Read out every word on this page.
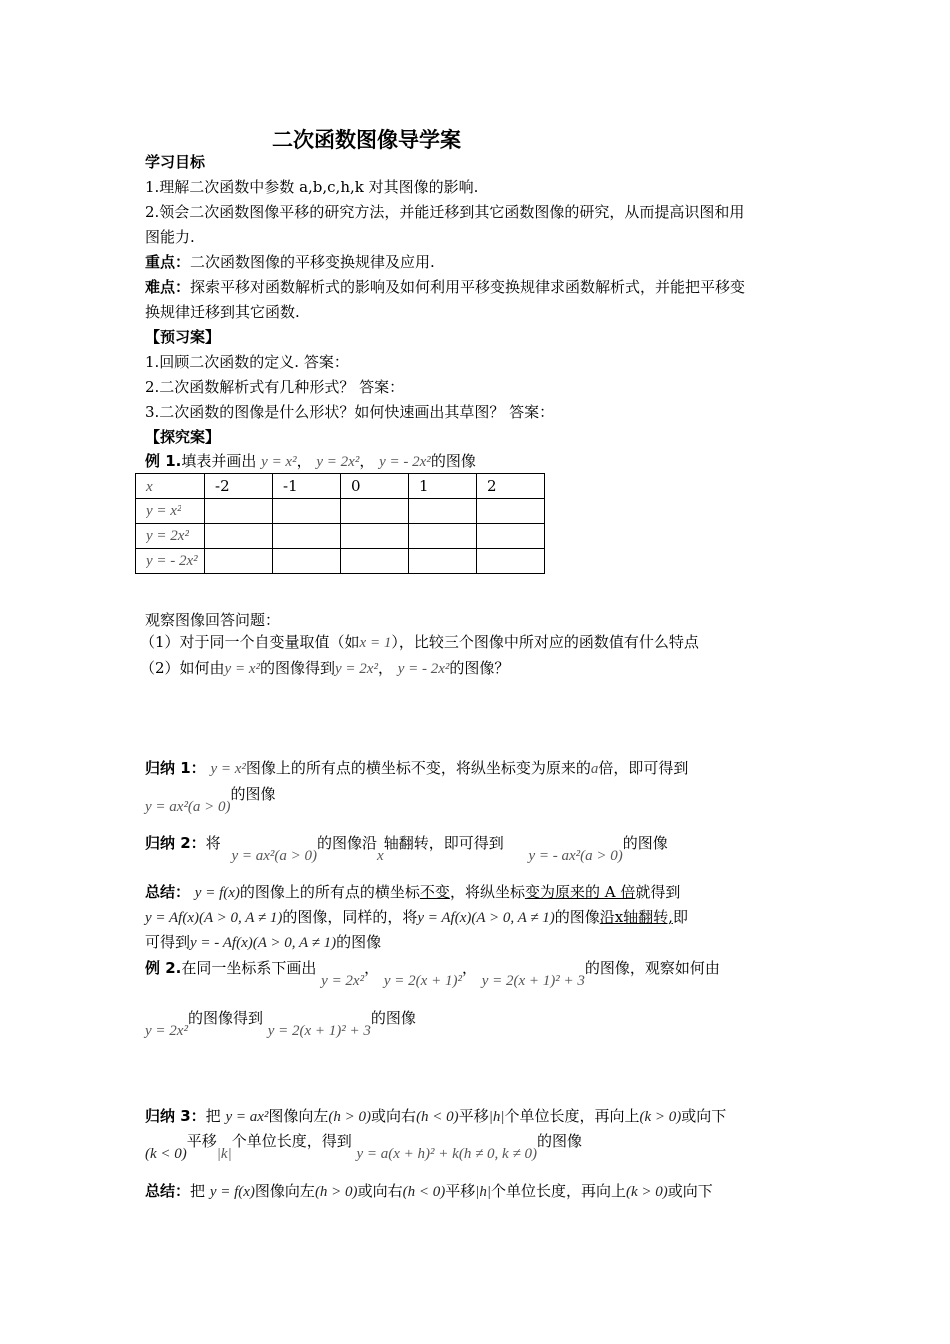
二次函数图像导学案
学习目标
1.理解二次函数中参数 a,b,c,h,k 对其图像的影响.
2.领会二次函数图像平移的研究方法，并能迁移到其它函数图像的研究，从而提高识图和用
图能力.
重点：二次函数图像的平移变换规律及应用.
难点：探索平移对函数解析式的影响及如何利用平移变换规律求函数解析式，并能把平移变
换规律迁移到其它函数.
【预习案】
1.回顾二次函数的定义. 答案：
2.二次函数解析式有几种形式？ 答案：
3.二次函数的图像是什么形状？如何快速画出其草图？ 答案：
【探究案】
例 1.填表并画出 y = x²， y = 2x²， y = - 2x²的图像
x	-2	-1	0	1	2
y = x²					
y = 2x²					
y = - 2x²					
观察图像回答问题：
（1）对于同一个自变量取值（如x = 1），比较三个图像中所对应的函数值有什么特点
（2）如何由y = x²的图像得到y = 2x²， y = - 2x²的图像？
归纳 1： y = x²图像上的所有点的横坐标不变，将纵坐标变为原来的a倍，即可得到
y = ax²(a > 0)的图像
归纳 2：将 y = ax²(a > 0)的图像沿x轴翻转，即可得到 y = - ax²(a > 0)的图像
总结： y = f(x)的图像上的所有点的横坐标不变，将纵坐标变为原来的 A 倍就得到
y = Af(x)(A > 0, A ≠ 1)的图像，同样的，将y = Af(x)(A > 0, A ≠ 1)的图像沿x轴翻转,即
可得到y = - Af(x)(A > 0, A ≠ 1)的图像
例 2.在同一坐标系下画出 y = 2x²， y = 2(x + 1)²， y = 2(x + 1)² + 3的图像，观察如何由
y = 2x²的图像得到 y = 2(x + 1)² + 3的图像
归纳 3：把 y = ax²图像向左(h > 0)或向右(h < 0)平移|h|个单位长度，再向上(k > 0)或向下
(k < 0)平移|k|个单位长度，得到 y = a(x + h)² + k(h ≠ 0, k ≠ 0)的图像
总结：把 y = f(x)图像向左(h > 0)或向右(h < 0)平移|h|个单位长度，再向上(k > 0)或向下
